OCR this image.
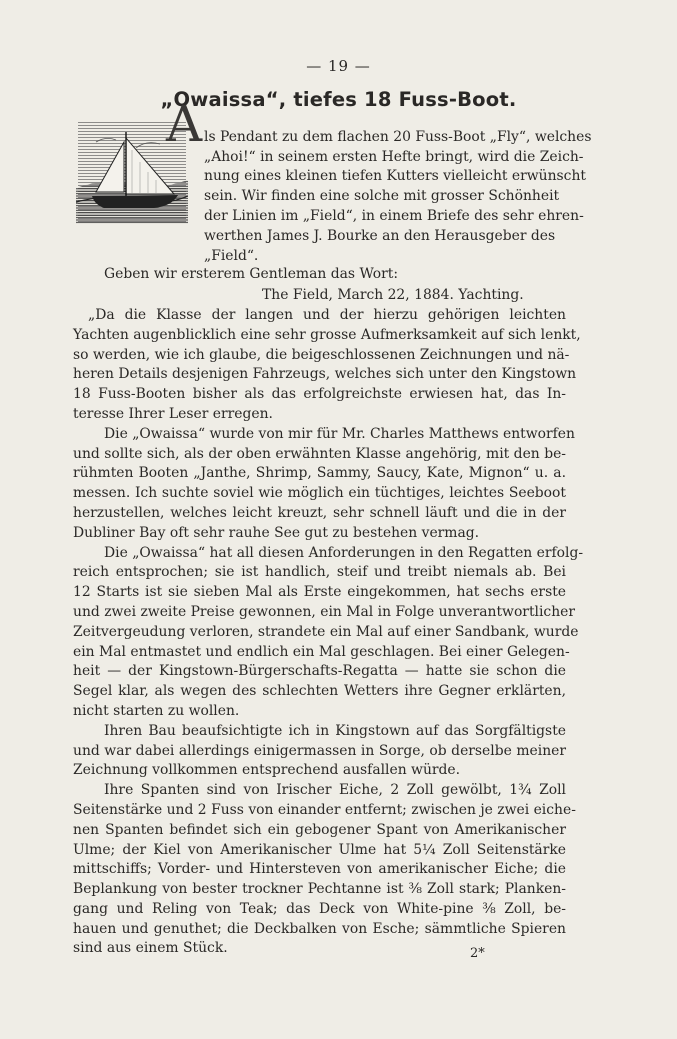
— 19 —
„Owaissa“, tiefes 18 Fuss-Boot.
A ls Pendant zu dem flachen 20 Fuss-Boot „Fly“, welches
„Ahoi!“ in seinem ersten Hefte bringt, wird die Zeich-
nung eines kleinen tiefen Kutters vielleicht erwünscht
sein. Wir finden eine solche mit grosser Schönheit
der Linien im „Field“, in einem Briefe des sehr ehren-
werthen James J. Bourke an den Herausgeber des
„Field“.
Geben wir ersterem Gentleman das Wort:
The Field, March 22, 1884. Yachting.
„Da die Klasse der langen und der hierzu gehörigen leichten
Yachten augenblicklich eine sehr grosse Aufmerksamkeit auf sich lenkt,
so werden, wie ich glaube, die beigeschlossenen Zeichnungen und nä-
heren Details desjenigen Fahrzeugs, welches sich unter den Kingstown
18 Fuss-Booten bisher als das erfolgreichste erwiesen hat, das In-
teresse Ihrer Leser erregen.
Die „Owaissa“ wurde von mir für Mr. Charles Matthews entworfen
und sollte sich, als der oben erwähnten Klasse angehörig, mit den be-
rühmten Booten „Janthe, Shrimp, Sammy, Saucy, Kate, Mignon“ u. a.
messen. Ich suchte soviel wie möglich ein tüchtiges, leichtes Seeboot
herzustellen, welches leicht kreuzt, sehr schnell läuft und die in der
Dubliner Bay oft sehr rauhe See gut zu bestehen vermag.
Die „Owaissa“ hat all diesen Anforderungen in den Regatten erfolg-
reich entsprochen; sie ist handlich, steif und treibt niemals ab. Bei
12 Starts ist sie sieben Mal als Erste eingekommen, hat sechs erste
und zwei zweite Preise gewonnen, ein Mal in Folge unverantwortlicher
Zeitvergeudung verloren, strandete ein Mal auf einer Sandbank, wurde
ein Mal entmastet und endlich ein Mal geschlagen. Bei einer Gelegen-
heit — der Kingstown-Bürgerschafts-Regatta — hatte sie schon die
Segel klar, als wegen des schlechten Wetters ihre Gegner erklärten,
nicht starten zu wollen.
Ihren Bau beaufsichtigte ich in Kingstown auf das Sorgfältigste
und war dabei allerdings einigermassen in Sorge, ob derselbe meiner
Zeichnung vollkommen entsprechend ausfallen würde.
Ihre Spanten sind von Irischer Eiche, 2 Zoll gewölbt, 1¾ Zoll
Seitenstärke und 2 Fuss von einander entfernt; zwischen je zwei eiche-
nen Spanten befindet sich ein gebogener Spant von Amerikanischer
Ulme; der Kiel von Amerikanischer Ulme hat 5¼ Zoll Seitenstärke
mittschiffs; Vorder- und Hintersteven von amerikanischer Eiche; die
Beplankung von bester trockner Pechtanne ist ⅜ Zoll stark; Planken-
gang und Reling von Teak; das Deck von White-pine ⅜ Zoll, be-
hauen und genuthet; die Deckbalken von Esche; sämmtliche Spieren
sind aus einem Stück.	2*
